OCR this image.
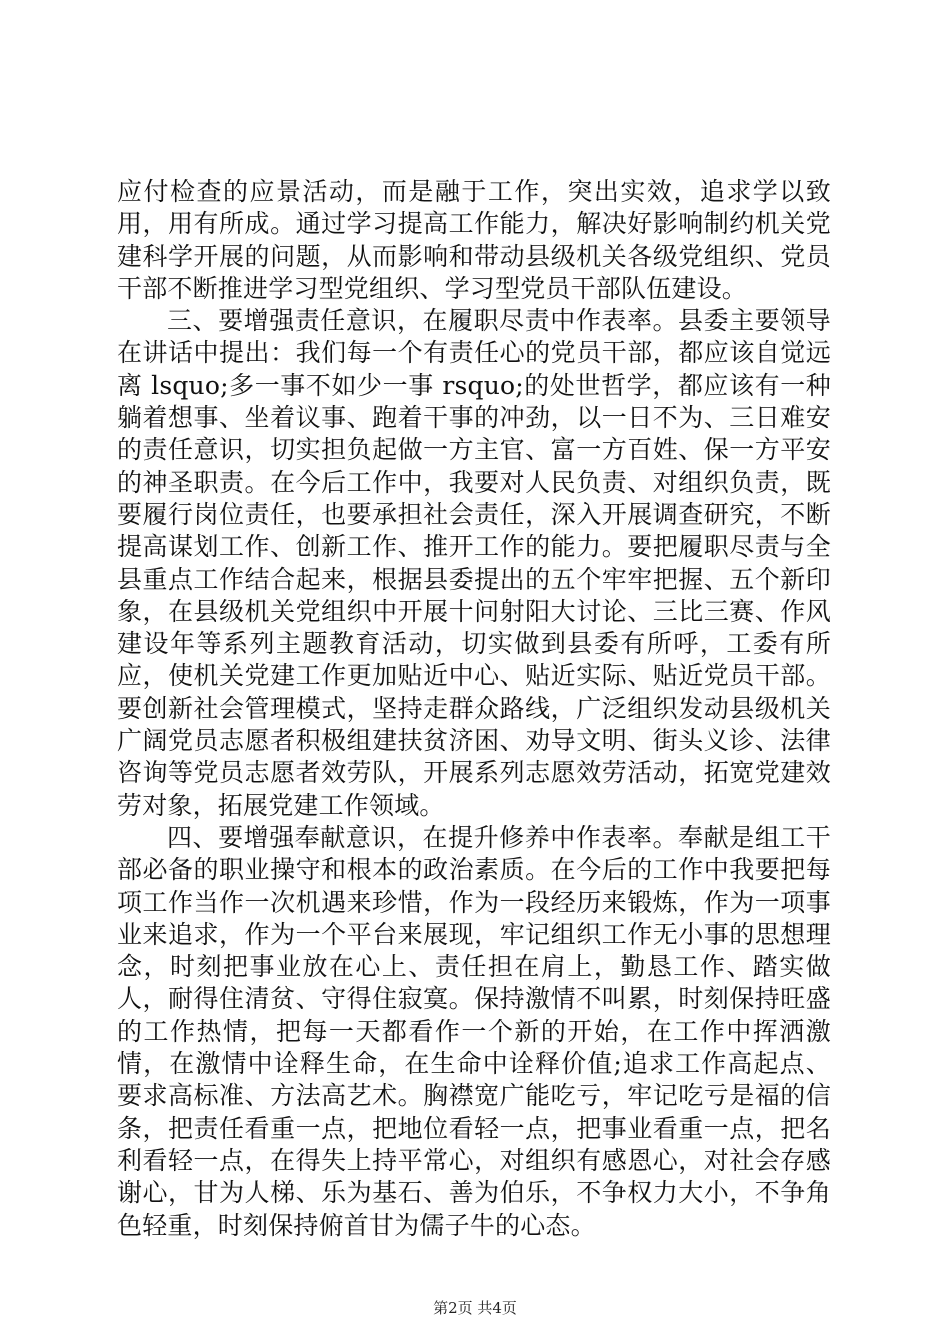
应付检查的应景活动，而是融于工作，突出实效，追求学以致用，用有所成。通过学习提高工作能力，解决好影响制约机关党建科学开展的问题，从而影响和带动县级机关各级党组织、党员干部不断推进学习型党组织、学习型党员干部队伍建设。

三、要增强责任意识，在履职尽责中作表率。县委主要领导在讲话中提出：我们每一个有责任心的党员干部，都应该自觉远离 lsquo;多一事不如少一事 rsquo;的处世哲学，都应该有一种躺着想事、坐着议事、跑着干事的冲劲，以一日不为、三日难安的责任意识，切实担负起做一方主官、富一方百姓、保一方平安的神圣职责。在今后工作中，我要对人民负责、对组织负责，既要履行岗位责任，也要承担社会责任，深入开展调查研究，不断提高谋划工作、创新工作、推开工作的能力。要把履职尽责与全县重点工作结合起来，根据县委提出的五个牢牢把握、五个新印象，在县级机关党组织中开展十问射阳大讨论、三比三赛、作风建设年等系列主题教育活动，切实做到县委有所呼，工委有所应，使机关党建工作更加贴近中心、贴近实际、贴近党员干部。要创新社会管理模式，坚持走群众路线，广泛组织发动县级机关广阔党员志愿者积极组建扶贫济困、劝导文明、街头义诊、法律咨询等党员志愿者效劳队，开展系列志愿效劳活动，拓宽党建效劳对象，拓展党建工作领域。

四、要增强奉献意识，在提升修养中作表率。奉献是组工干部必备的职业操守和根本的政治素质。在今后的工作中我要把每项工作当作一次机遇来珍惜，作为一段经历来锻炼，作为一项事业来追求，作为一个平台来展现，牢记组织工作无小事的思想理念，时刻把事业放在心上、责任担在肩上，勤恳工作、踏实做人，耐得住清贫、守得住寂寞。保持激情不叫累，时刻保持旺盛的工作热情，把每一天都看作一个新的开始，在工作中挥洒激情，在激情中诠释生命，在生命中诠释价值;追求工作高起点、要求高标准、方法高艺术。胸襟宽广能吃亏，牢记吃亏是福的信条，把责任看重一点，把地位看轻一点，把事业看重一点，把名利看轻一点，在得失上持平常心，对组织有感恩心，对社会存感谢心，甘为人梯、乐为基石、善为伯乐，不争权力大小，不争角色轻重，时刻保持俯首甘为儒子牛的心态。

第2页 共4页
